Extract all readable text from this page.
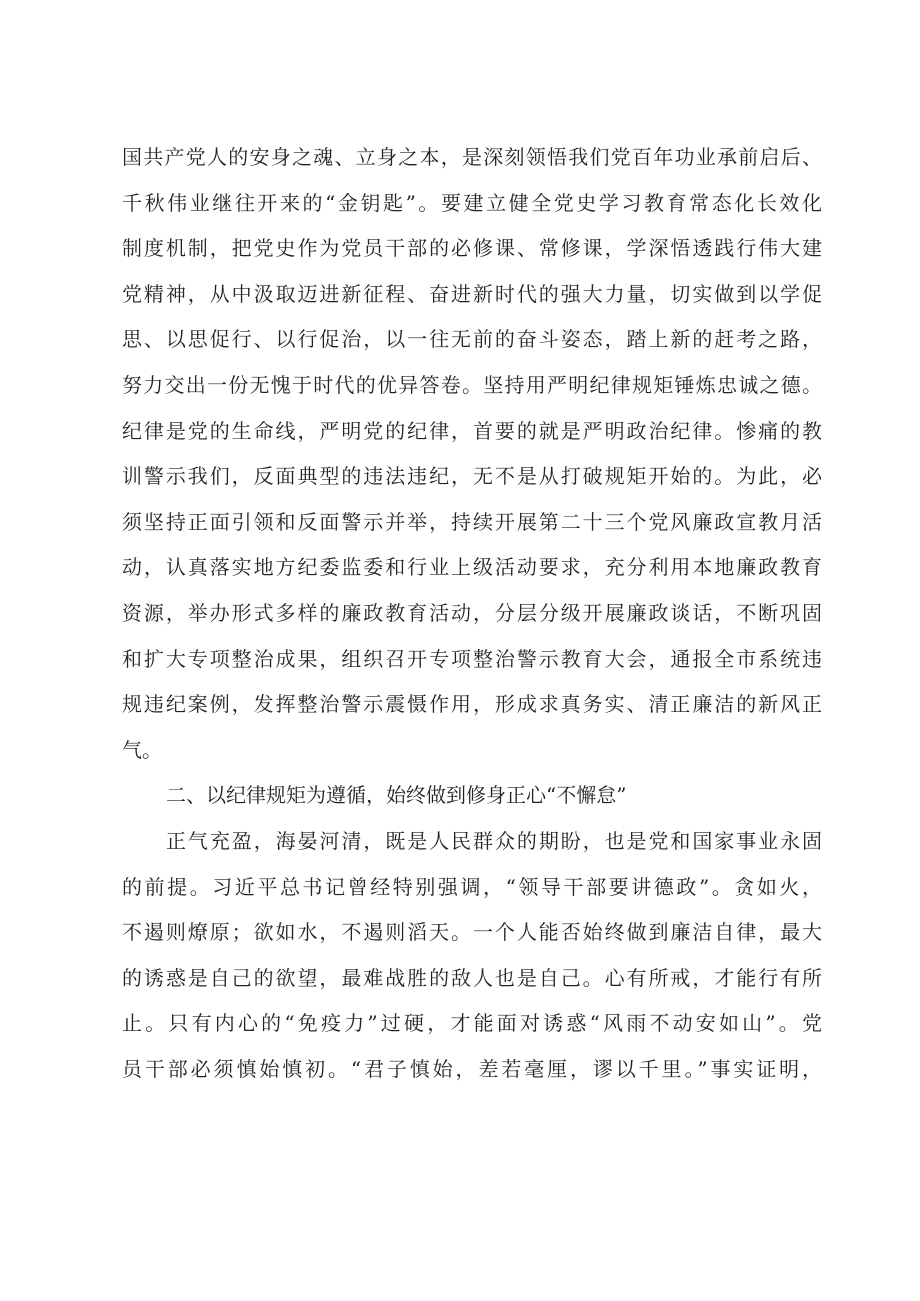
国共产党人的安身之魂、立身之本，是深刻领悟我们党百年功业承前启后、
千秋伟业继往开来的“金钥匙”。要建立健全党史学习教育常态化长效化
制度机制，把党史作为党员干部的必修课、常修课，学深悟透践行伟大建
党精神，从中汲取迈进新征程、奋进新时代的强大力量，切实做到以学促
思、以思促行、以行促治，以一往无前的奋斗姿态，踏上新的赶考之路，
努力交出一份无愧于时代的优异答卷。坚持用严明纪律规矩锤炼忠诚之德。
纪律是党的生命线，严明党的纪律，首要的就是严明政治纪律。惨痛的教
训警示我们，反面典型的违法违纪，无不是从打破规矩开始的。为此，必
须坚持正面引领和反面警示并举，持续开展第二十三个党风廉政宣教月活
动，认真落实地方纪委监委和行业上级活动要求，充分利用本地廉政教育
资源，举办形式多样的廉政教育活动，分层分级开展廉政谈话，不断巩固
和扩大专项整治成果，组织召开专项整治警示教育大会，通报全市系统违
规违纪案例，发挥整治警示震慑作用，形成求真务实、清正廉洁的新风正
气。
二、以纪律规矩为遵循，始终做到修身正心“不懈怠”
正气充盈，海晏河清，既是人民群众的期盼，也是党和国家事业永固
的前提。习近平总书记曾经特别强调，“领导干部要讲德政”。贪如火，
不遏则燎原；欲如水，不遏则滔天。一个人能否始终做到廉洁自律，最大
的诱惑是自己的欲望，最难战胜的敌人也是自己。心有所戒，才能行有所
止。只有内心的“免疫力”过硬，才能面对诱惑“风雨不动安如山”。党
员干部必须慎始慎初。“君子慎始，差若毫厘，谬以千里。”事实证明，
